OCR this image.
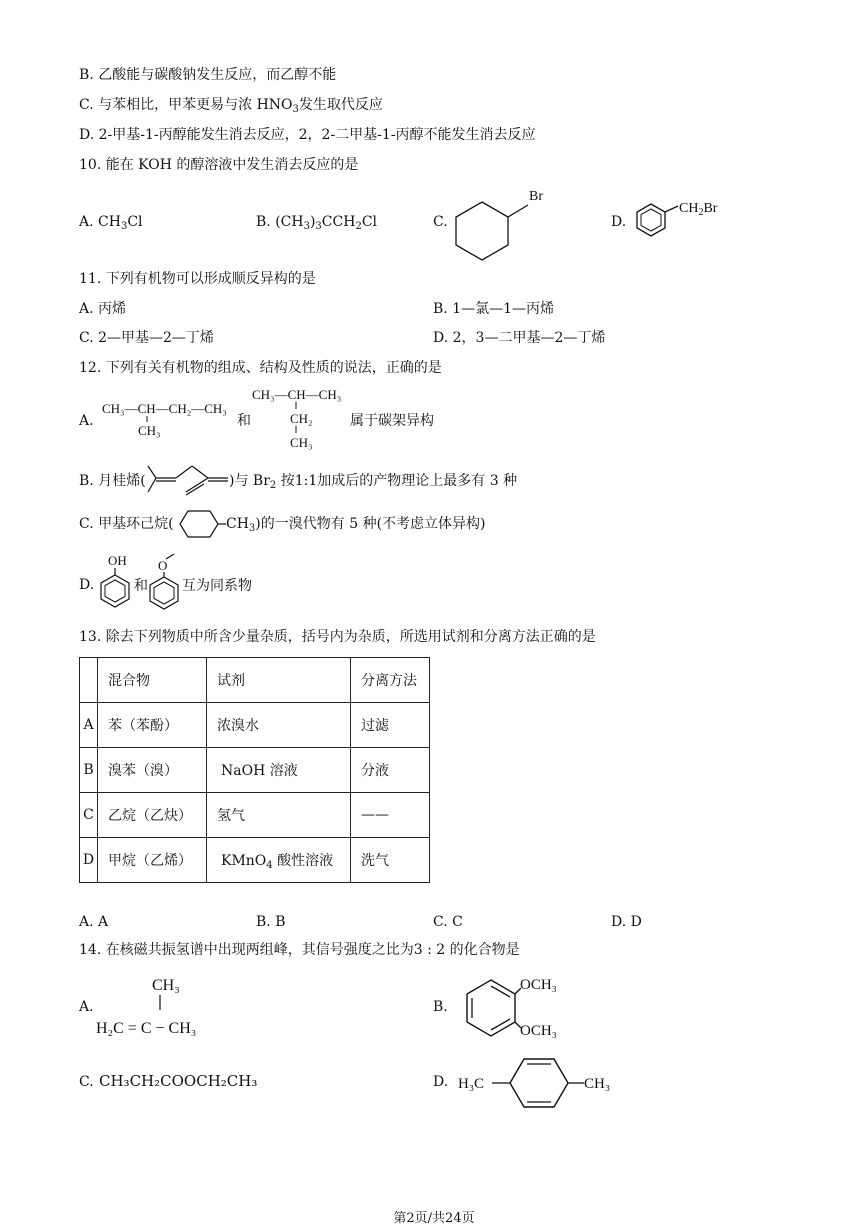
B. 乙酸能与碳酸钠发生反应，而乙醇不能
C. 与苯相比，甲苯更易与浓 $HNO_3$发生取代反应
D. 2-甲基-1-丙醇能发生消去反应，2，2-二甲基-1-丙醇不能发生消去反应
10. 能在 KOH 的醇溶液中发生消去反应的是
A. $CH_3Cl$	B. $(CH_3)_3CCH_2Cl$	C.
Br
D.
$CH_2Br$
11. 下列有机物可以形成顺反异构的是
A. 丙烯	B. 1—氯—1—丙烯
C. 2—甲基—2—丁烯	D. 2，3—二甲基—2—丁烯
12. 下列有关有机物的组成、结构及性质的说法，正确的是
A.
CH₃—CH—CH₂—CH₃
CH₃
和
CH₃—CH—CH₃
CH₂
CH₃
属于碳架异构
B. 月桂烯(	)与 $Br_2$ 按1:1加成后的产物理论上最多有 3 种
C. 甲基环己烷(	$CH_3$)的一溴代物有 5 种(不考虑立体异构)
D.
OH
和
O
互为同系物
13. 除去下列物质中所含少量杂质，括号内为杂质，所选用试剂和分离方法正确的是
	混合物	试剂	分离方法
A	苯（苯酚）	浓溴水	过滤
B	溴苯（溴）	NaOH 溶液	分液
C	乙烷（乙炔）	氢气	——
D	甲烷（乙烯）	KMnO$_4$ 酸性溶液	洗气
A. A	B. B	C. C	D. D
14. 在核磁共振氢谱中出现两组峰，其信号强度之比为3 : 2 的化合物是
A.
CH₃
H₂C = C − CH₃
B.
OCH₃
OCH₃
C. CH₃CH₂COOCH₂CH₃	D. H₃C	CH₃
第2页/共24页
